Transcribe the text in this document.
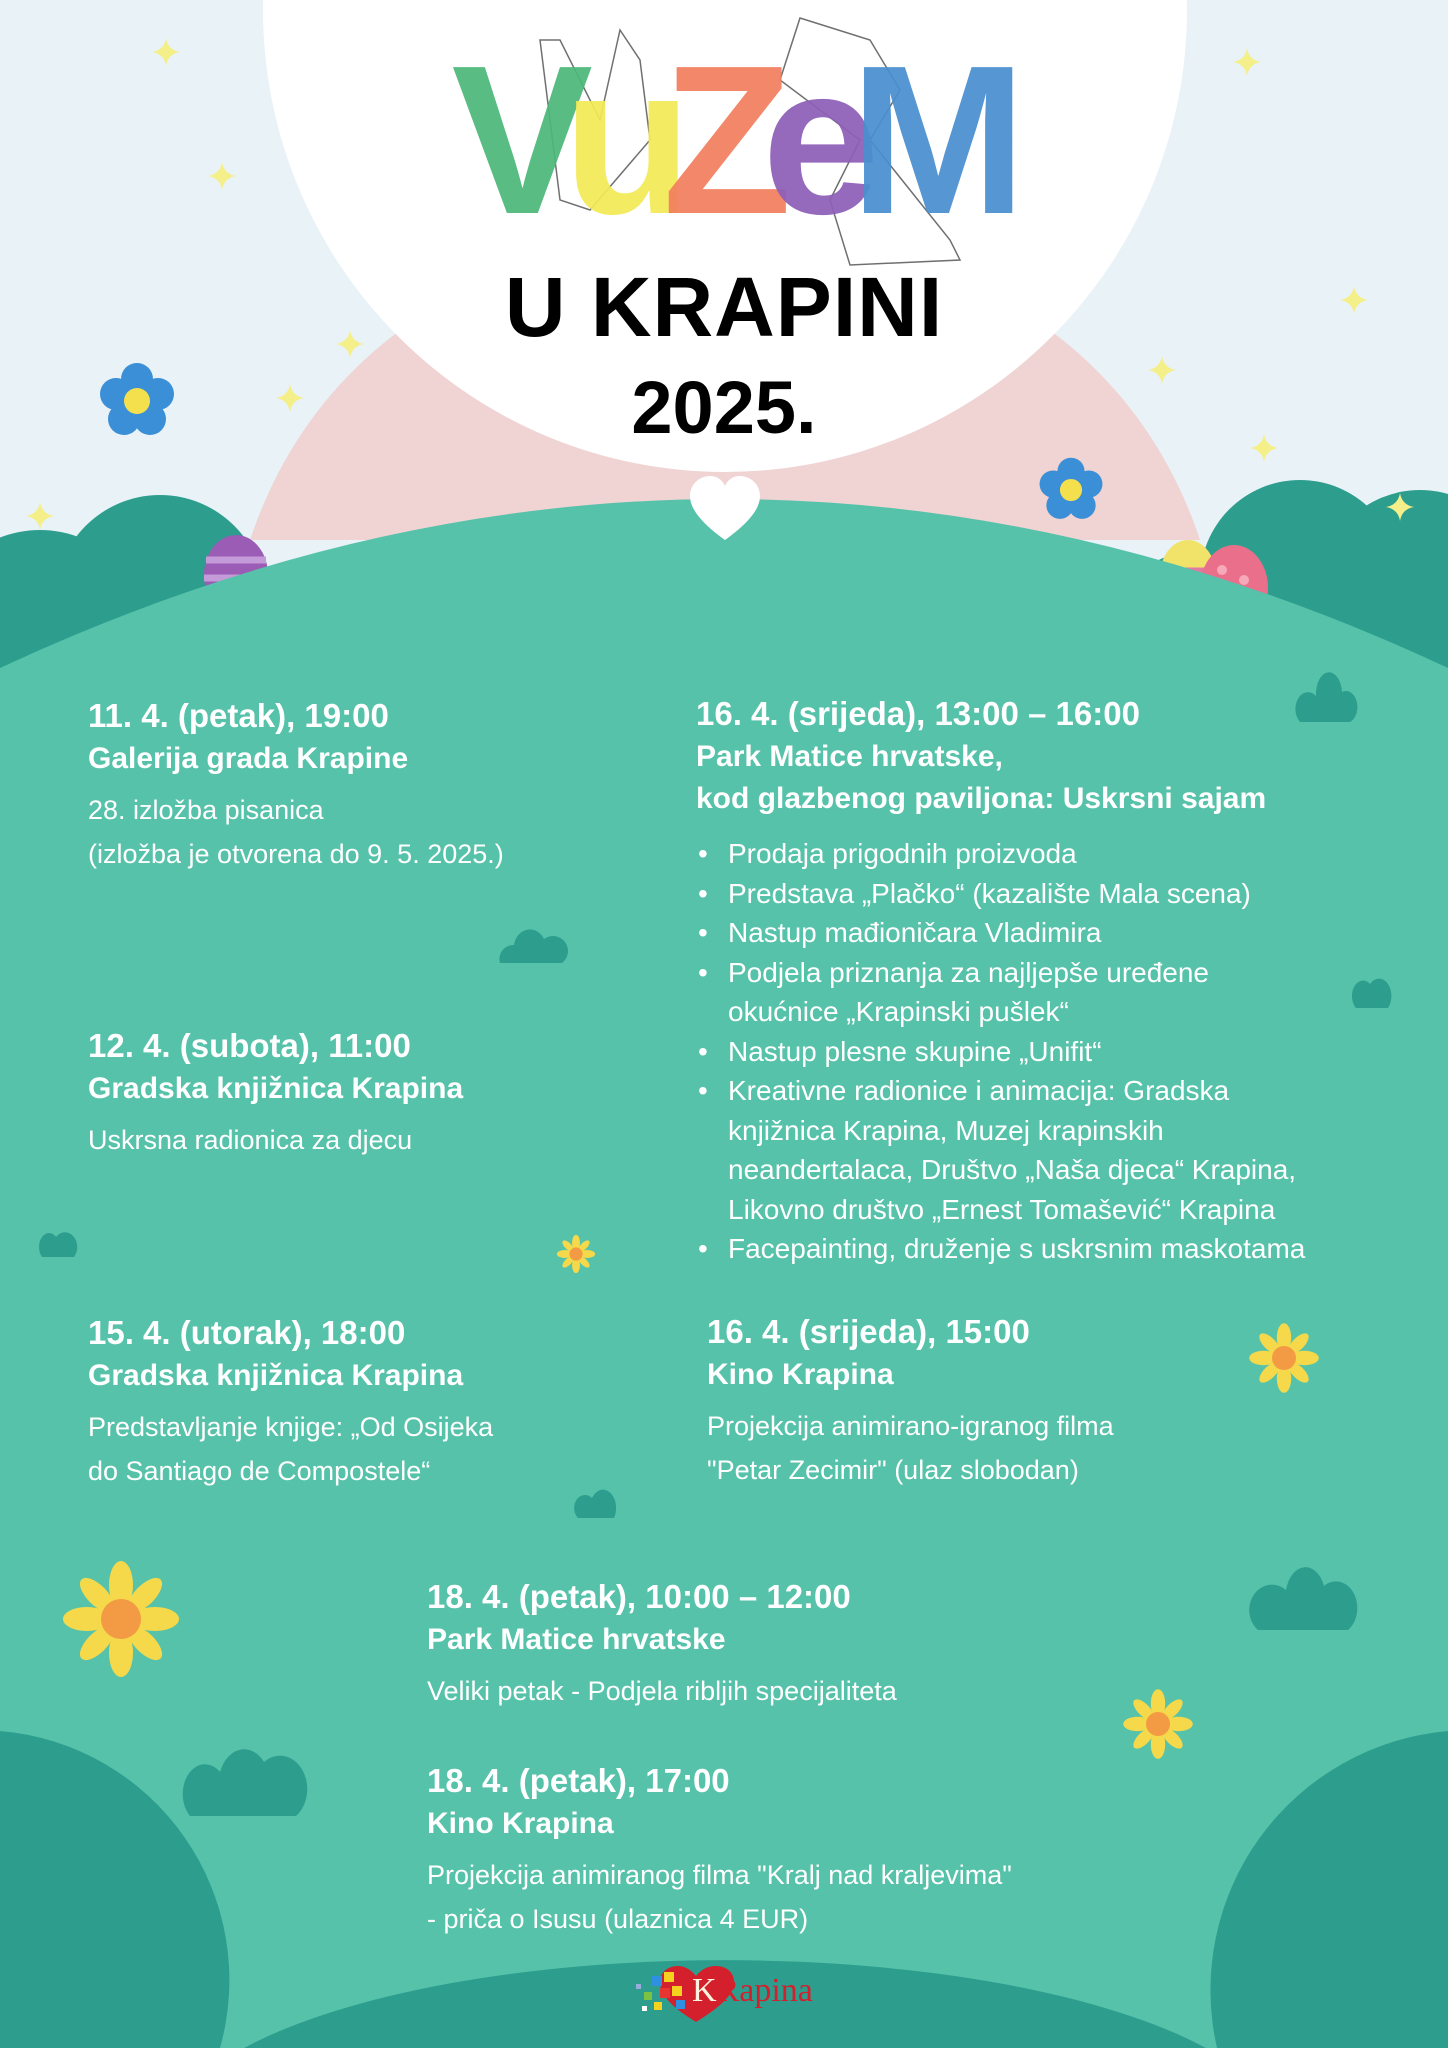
VuZeM
U KRAPINI
2025.
11. 4. (petak), 19:00
Galerija grada Krapine
28. izložba pisanica
(izložba je otvorena do 9. 5. 2025.)
12. 4. (subota), 11:00
Gradska knjižnica Krapina
Uskrsna radionica za djecu
15. 4. (utorak), 18:00
Gradska knjižnica Krapina
Predstavljanje knjige: „Od Osijeka
do Santiago de Compostele“
16. 4. (srijeda), 13:00 – 16:00
Park Matice hrvatske,
kod glazbenog paviljona: Uskrsni sajam
• Prodaja prigodnih proizvoda
• Predstava „Plačko“ (kazalište Mala scena)
• Nastup mađioničara Vladimira
• Podjela priznanja za najljepše uređene
okućnice „Krapinski pušlek“
• Nastup plesne skupine „Unifit“
• Kreativne radionice i animacija: Gradska
knjižnica Krapina, Muzej krapinskih
neandertalaca, Društvo „Naša djeca“ Krapina,
Likovno društvo „Ernest Tomašević“ Krapina
• Facepainting, druženje s uskrsnim maskotama
16. 4. (srijeda), 15:00
Kino Krapina
Projekcija animirano-igranog filma
"Petar Zecimir" (ulaz slobodan)
18. 4. (petak), 10:00 – 12:00
Park Matice hrvatske
Veliki petak - Podjela ribljih specijaliteta
18. 4. (petak), 17:00
Kino Krapina
Projekcija animiranog filma "Kralj nad kraljevima"
- priča o Isusu (ulaznica 4 EUR)
KRapina
